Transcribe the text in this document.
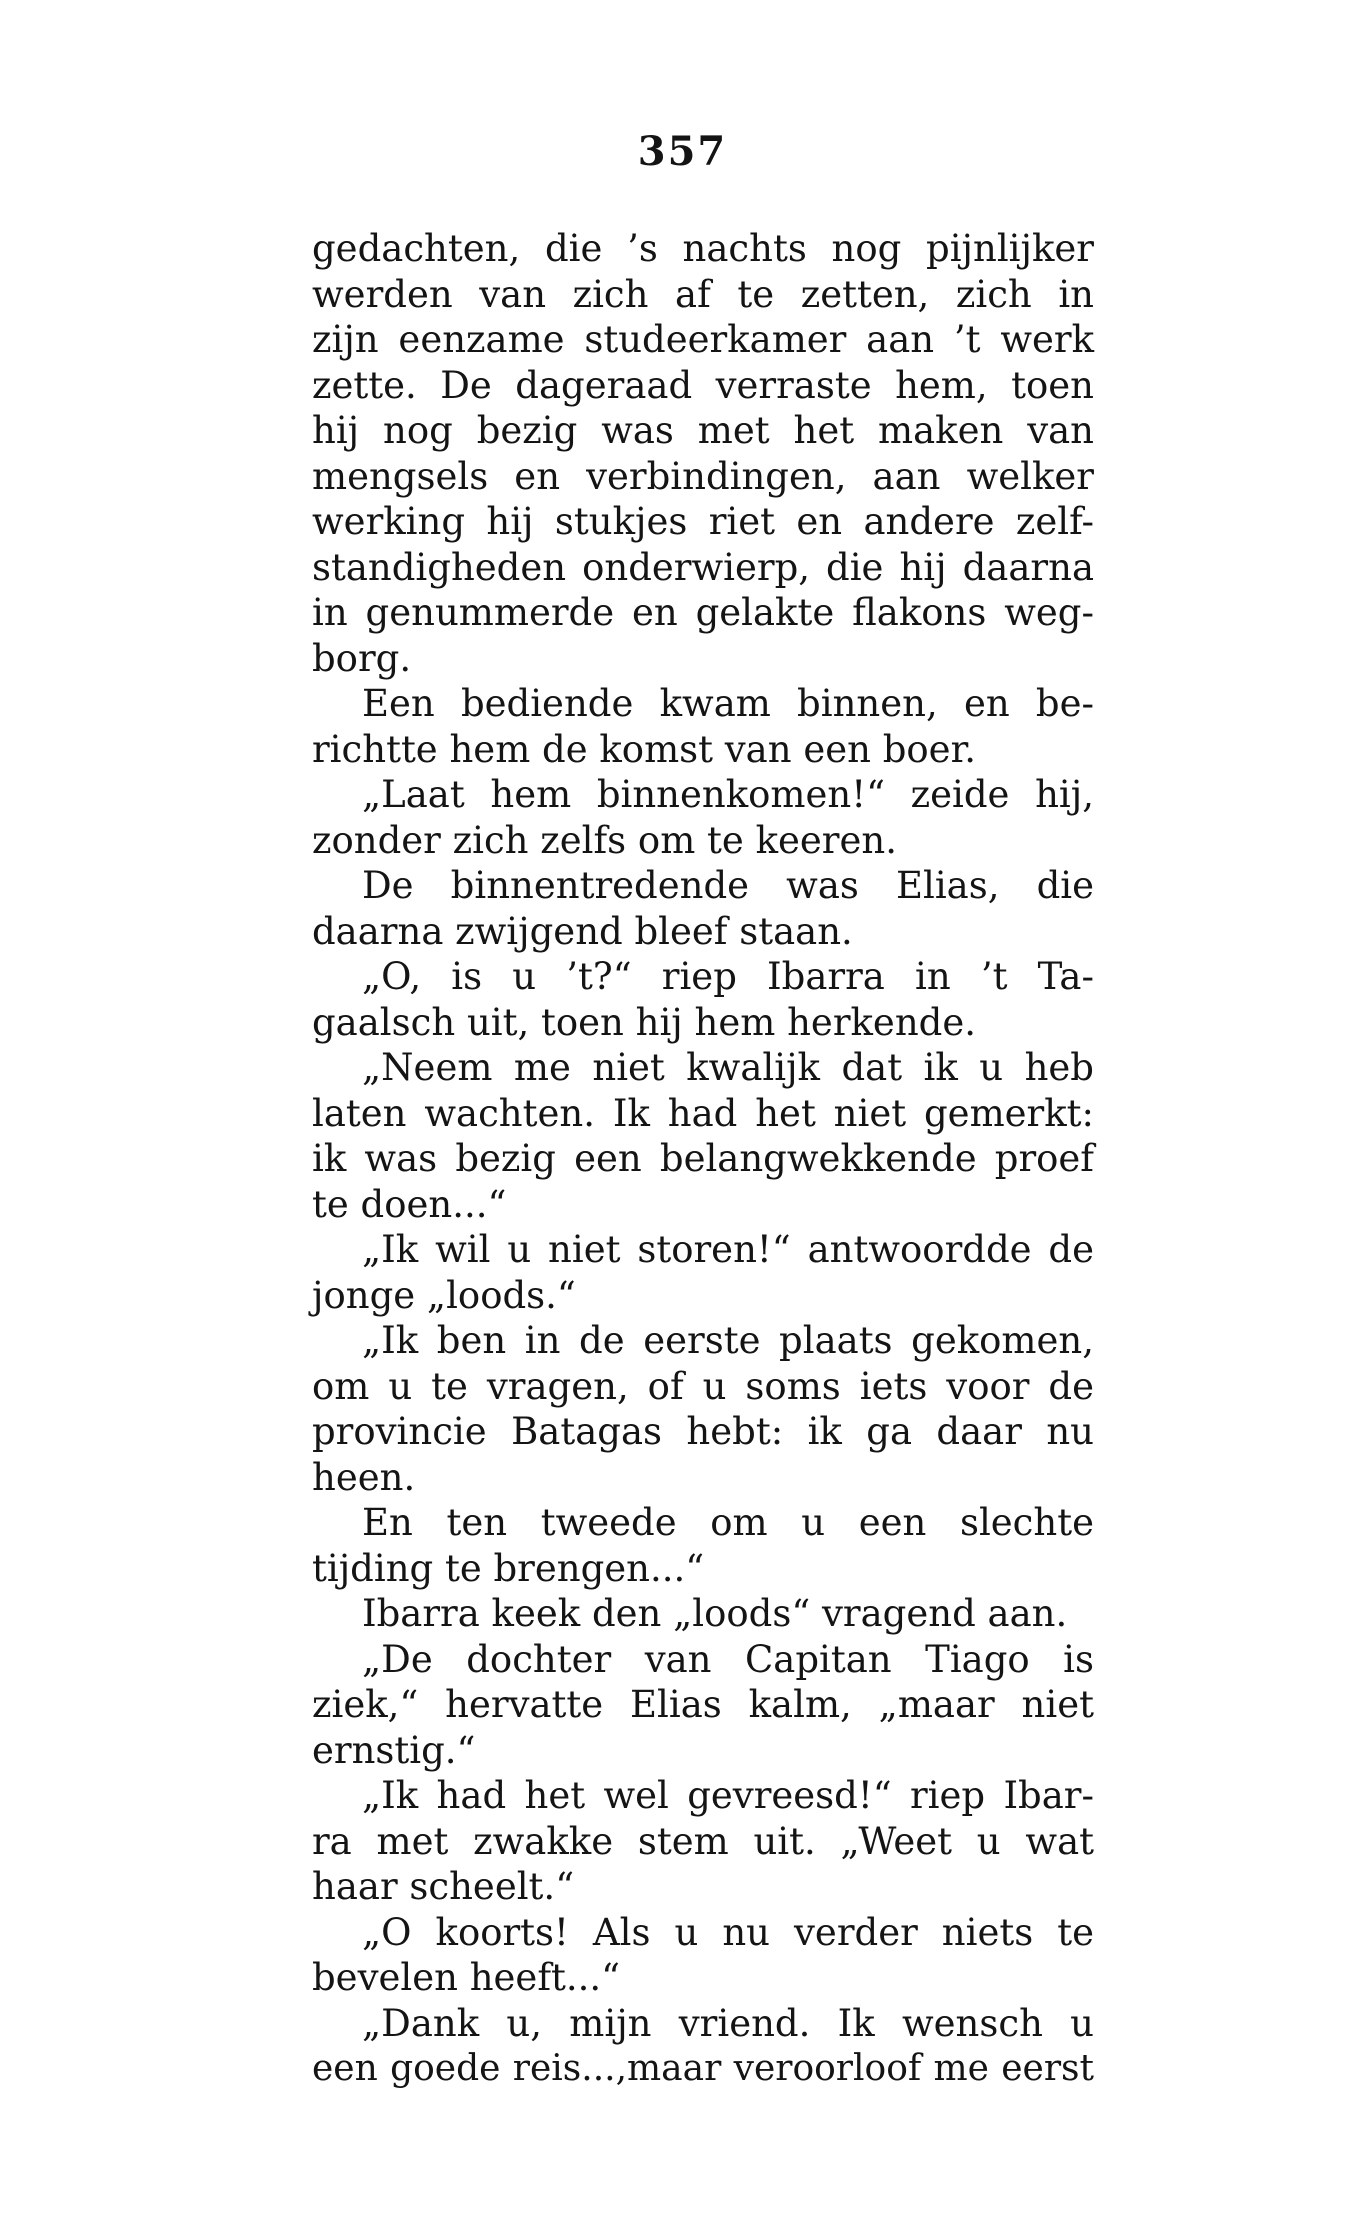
357
gedachten, die ’s nachts nog pijnlijker
werden van zich af te zetten, zich in
zijn eenzame studeerkamer aan ’t werk
zette. De dageraad verraste hem, toen
hij nog bezig was met het maken van
mengsels en verbindingen, aan welker
werking hij stukjes riet en andere zelf-
standigheden onderwierp, die hij daarna
in genummerde en gelakte flakons weg-
borg.
Een bediende kwam binnen, en be-
richtte hem de komst van een boer.
„Laat hem binnenkomen!“ zeide hij,
zonder zich zelfs om te keeren.
De binnentredende was Elias, die
daarna zwijgend bleef staan.
„O, is u ’t?“ riep Ibarra in ’t Ta-
gaalsch uit, toen hij hem herkende.
„Neem me niet kwalijk dat ik u heb
laten wachten. Ik had het niet gemerkt:
ik was bezig een belangwekkende proef
te doen...“
„Ik wil u niet storen!“ antwoordde de
jonge „loods.“
„Ik ben in de eerste plaats gekomen,
om u te vragen, of u soms iets voor de
provincie Batagas hebt: ik ga daar nu
heen.
En ten tweede om u een slechte
tijding te brengen...“
Ibarra keek den „loods“ vragend aan.
„De dochter van Capitan Tiago is
ziek,“ hervatte Elias kalm, „maar niet
ernstig.“
„Ik had het wel gevreesd!“ riep Ibar-
ra met zwakke stem uit. „Weet u wat
haar scheelt.“
„O koorts! Als u nu verder niets te
bevelen heeft...“
„Dank u, mijn vriend. Ik wensch u
een goede reis...,maar veroorloof me eerst
